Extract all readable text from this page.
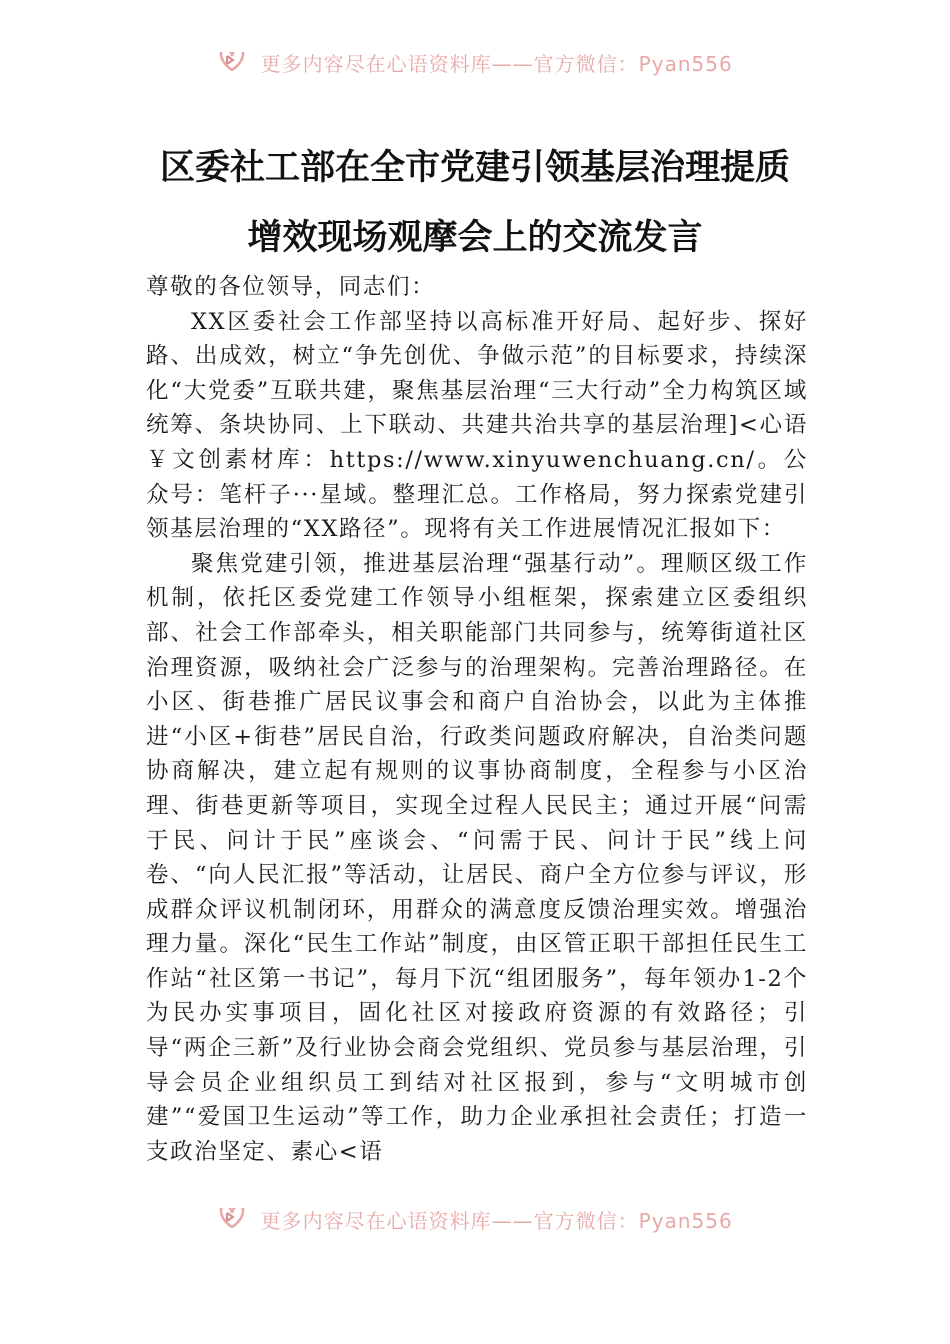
更多内容尽在心语资料库——官方微信：Pyan556
区委社工部在全市党建引领基层治理提质
增效现场观摩会上的交流发言

尊敬的各位领导，同志们：

XX区委社会工作部坚持以高标准开好局、起好步、探好路、出成效，树立“争先创优、争做示范”的目标要求，持续深化“大党委”互联共建，聚焦基层治理“三大行动”全力构筑区域统筹、条块协同、上下联动、共建共治共享的基层治理]<心语￥文创素材库：https://www.xinyuwenchuang.cn/。公众号：笔杆子···星域。整理汇总。工作格局，努力探索党建引领基层治理的“XX路径”。现将有关工作进展情况汇报如下：

聚焦党建引领，推进基层治理“强基行动”。理顺区级工作机制，依托区委党建工作领导小组框架，探索建立区委组织部、社会工作部牵头，相关职能部门共同参与，统筹街道社区治理资源，吸纳社会广泛参与的治理架构。完善治理路径。在小区、街巷推广居民议事会和商户自治协会，以此为主体推进“小区+街巷”居民自治，行政类问题政府解决，自治类问题协商解决，建立起有规则的议事协商制度，全程参与小区治理、街巷更新等项目，实现全过程人民民主；通过开展“问需于民、问计于民”座谈会、“问需于民、问计于民”线上问卷、“向人民汇报”等活动，让居民、商户全方位参与评议，形成群众评议机制闭环，用群众的满意度反馈治理实效。增强治理力量。深化“民生工作站”制度，由区管正职干部担任民生工作站“社区第一书记”，每月下沉“组团服务”，每年领办1-2个为民办实事项目，固化社区对接政府资源的有效路径；引导“两企三新”及行业协会商会党组织、党员参与基层治理，引导会员企业组织员工到结对社区报到，参与“文明城市创建”“爱国卫生运动”等工作，助力企业承担社会责任；打造一支政治坚定、素心<语

更多内容尽在心语资料库——官方微信：Pyan556
